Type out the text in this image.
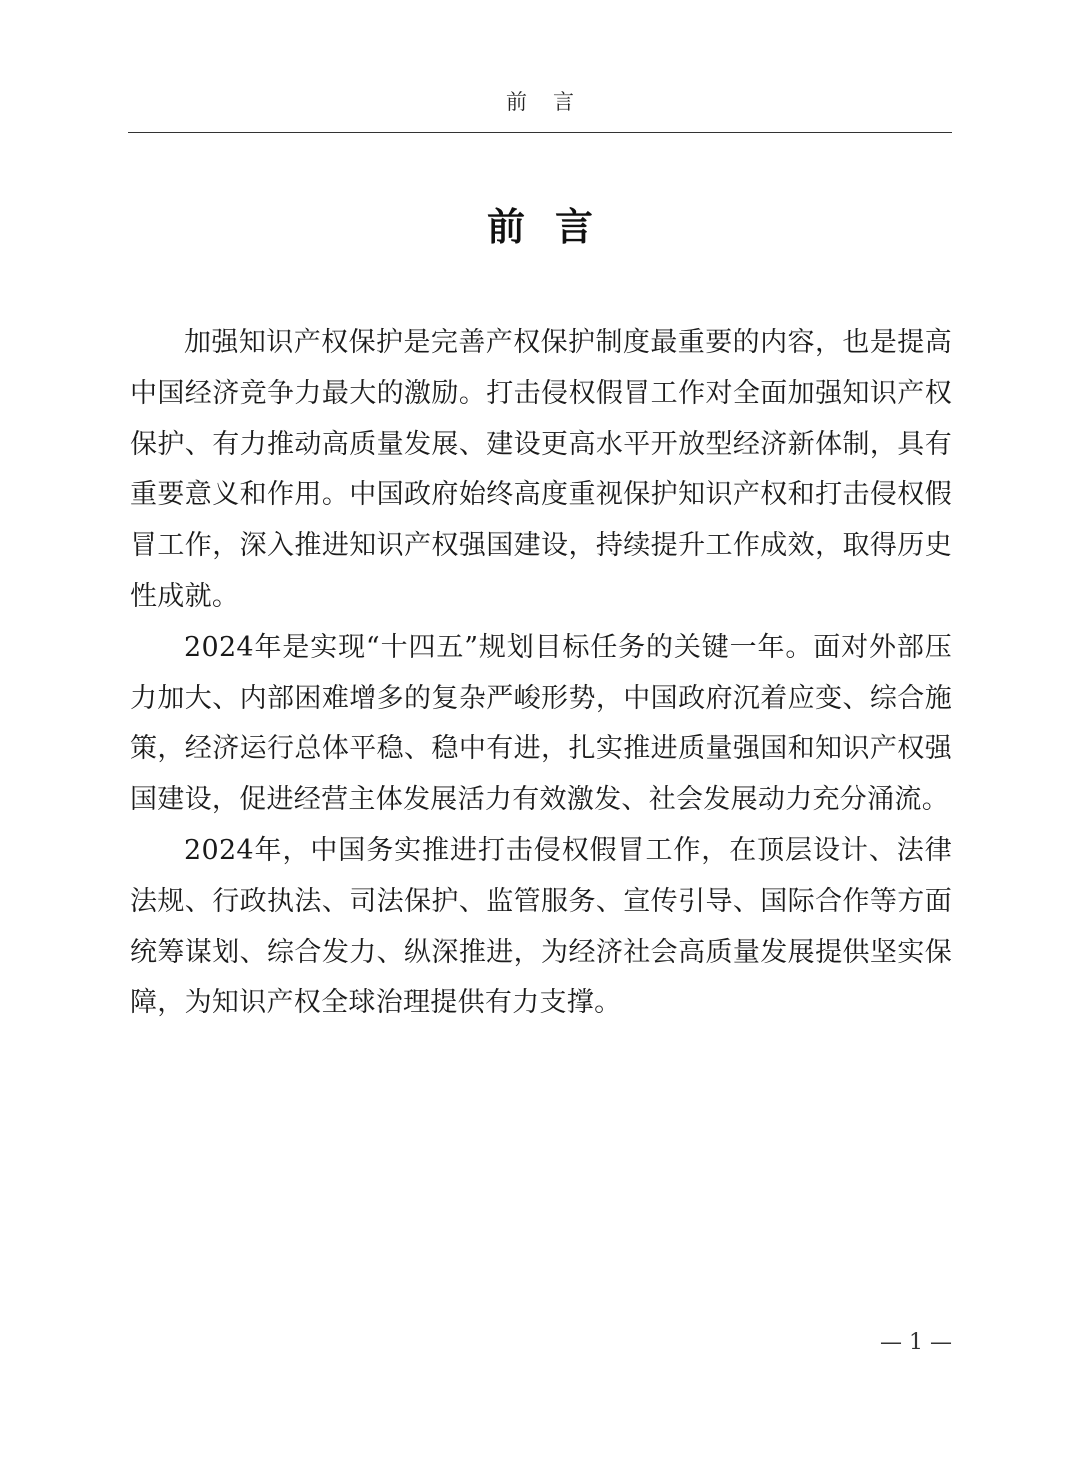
前言
前言

加强知识产权保护是完善产权保护制度最重要的内容，也是提高中国经济竞争力最大的激励。打击侵权假冒工作对全面加强知识产权保护、有力推动高质量发展、建设更高水平开放型经济新体制，具有重要意义和作用。中国政府始终高度重视保护知识产权和打击侵权假冒工作，深入推进知识产权强国建设，持续提升工作成效，取得历史性成就。

2024年是实现“十四五”规划目标任务的关键一年。面对外部压力加大、内部困难增多的复杂严峻形势，中国政府沉着应变、综合施策，经济运行总体平稳、稳中有进，扎实推进质量强国和知识产权强国建设，促进经营主体发展活力有效激发、社会发展动力充分涌流。

2024年，中国务实推进打击侵权假冒工作，在顶层设计、法律法规、行政执法、司法保护、监管服务、宣传引导、国际合作等方面统筹谋划、综合发力、纵深推进，为经济社会高质量发展提供坚实保障，为知识产权全球治理提供有力支撑。

— 1 —
